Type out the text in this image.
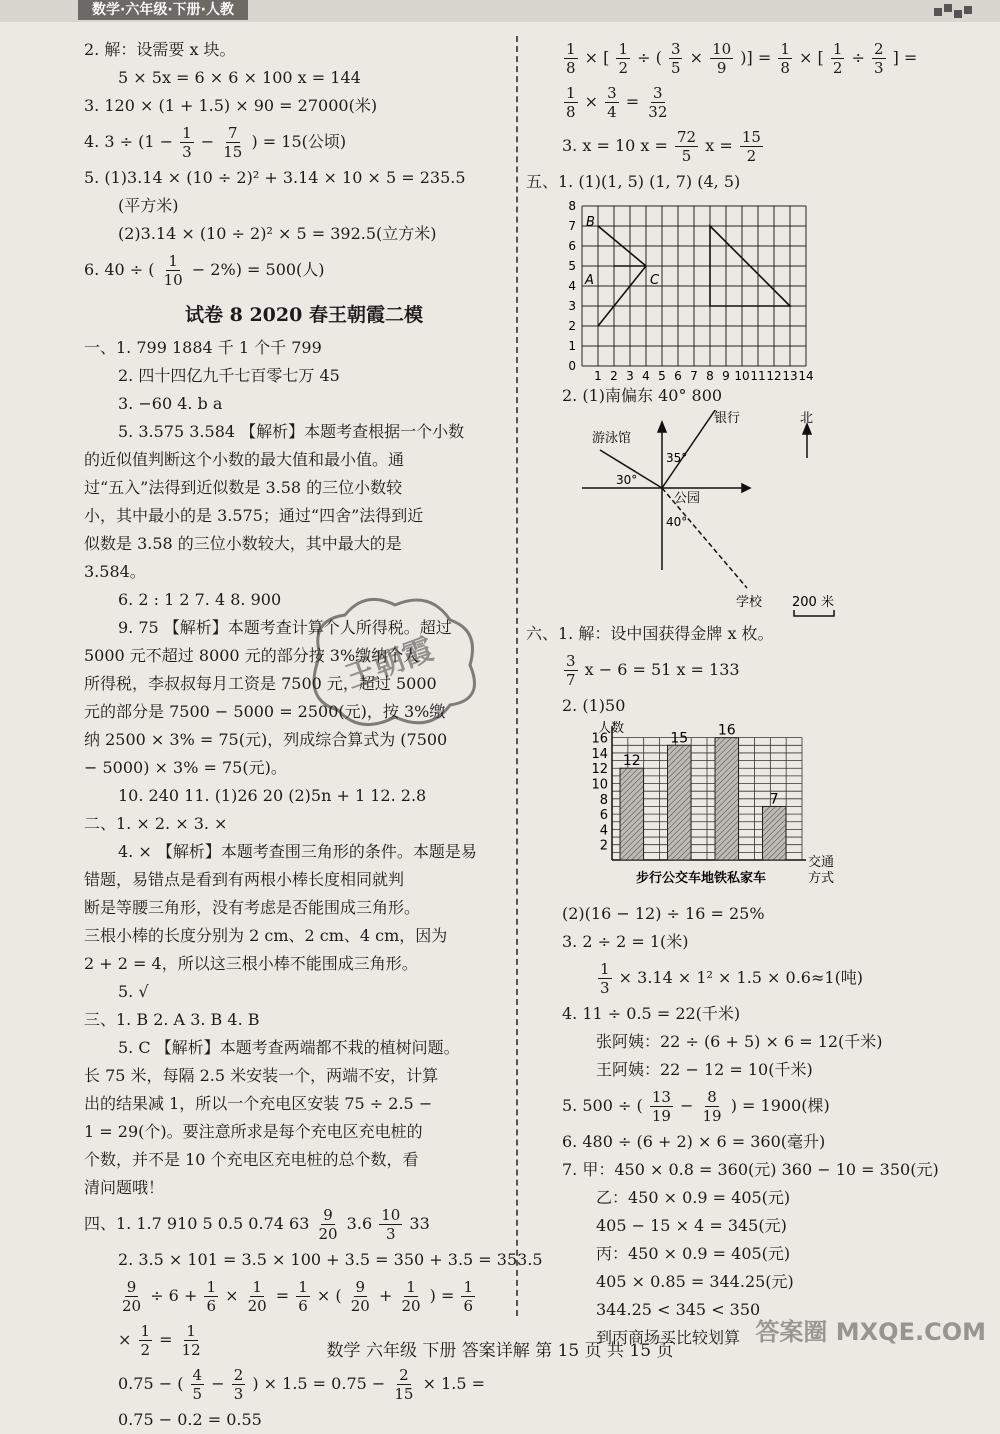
数学·六年级·下册·人教
2. 解：设需要 x 块。
5 × 5x = 6 × 6 × 100 x = 144
3. 120 × (1 + 1.5) × 90 = 27000(米)
4. $3 \div (1 - \frac{1}{3} - \frac{7}{15}$ ) = 15(公顷)
5. (1)3.14 × (10 ÷ 2)² + 3.14 × 10 × 5 = 235.5
(平方米)
(2)3.14 × (10 ÷ 2)² × 5 = 392.5(立方米)
6. 40 ÷ ( $\frac{1}{10} - 2\%) = 500$(人)
试卷 8 2020 春王朝霞二模
一、1. 799 1884 千 1 个千 799
2. 四十四亿九千七百零七万 45
3. −60 4. b a
5. 3.575 3.584 【解析】本题考查根据一个小数
的近似值判断这个小数的最大值和最小值。通
过“五入”法得到近似数是 3.58 的三位小数较
小，其中最小的是 3.575；通过“四舍”法得到近
似数是 3.58 的三位小数较大，其中最大的是
3.584。
6. 2 : 1 2 7. 4 8. 900
9. 75 【解析】本题考查计算个人所得税。超过
5000 元不超过 8000 元的部分按 3%缴纳个人
所得税，李叔叔每月工资是 7500 元，超过 5000
元的部分是 7500 − 5000 = 2500(元)，按 3%缴
纳 2500 × 3% = 75(元)，列成综合算式为 (7500
− 5000) × 3% = 75(元)。
10. 240 11. (1)26 20 (2)5n + 1 12. 2.8
二、1. × 2. × 3. ×
4. × 【解析】本题考查围三角形的条件。本题是易
错题，易错点是看到有两根小棒长度相同就判
断是等腰三角形，没有考虑是否能围成三角形。
三根小棒的长度分别为 2 cm、2 cm、4 cm，因为
2 + 2 = 4，所以这三根小棒不能围成三角形。
5. √
三、1. B 2. A 3. B 4. B
5. C 【解析】本题考查两端都不栽的植树问题。
长 75 米，每隔 2.5 米安装一个，两端不安，计算
出的结果减 1，所以一个充电区安装 75 ÷ 2.5 −
1 = 29(个)。要注意所求是每个充电区充电桩的
个数，并不是 10 个充电区充电桩的总个数，看
清问题哦！
四、1. 1.7 910 5 0.5 0.74 $63 \frac{9}{20} 3.6 \frac{10}{3} 33$
2. 3.5 × 101 = 3.5 × 100 + 3.5 = 350 + 3.5 = 353.5
$\frac{9}{20} \div 6 + \frac{1}{6} \times \frac{1}{20} = \frac{1}{6}$ × ( $\frac{9}{20} + \frac{1}{20}$ ) = $\frac{1}{6}$
× $\frac{1}{2} = \frac{1}{12}$
0.75 − ( $\frac{4}{5} - \frac{2}{3}$ ) × $1.5 = 0.75 - \frac{2}{15} \times 1.5$ =
0.75 − 0.2 = 0.55
$\frac{1}{8}$ × [ $\frac{1}{2}$ ÷ ( $\frac{3}{5} \times \frac{10}{9}$ )] = $\frac{1}{8}$ × [ $\frac{1}{2} \div \frac{2}{3}$ ] =
$\frac{1}{8} \times \frac{3}{4} = \frac{3}{32}$
3. x = 10 $x = \frac{72}{5}$ $x = \frac{15}{2}$
五、1. (1)(1, 5) (1, 7) (4, 5)
B
A	C
0
1
2
3
4
5
6
7
8
1 2 3 4 5 6 7 8 9 10 11 12 13 14
2. (1)南偏东 40° 800
银行
游泳馆
公园
学校
北
35°
30°
40°
200 米
六、1. 解：设中国获得金牌 x 枚。
$\frac{3}{7}$ x − 6 = 51 x = 133
2. (1)50
2
4
6
8
10
12
14
16
12
15 16
7
人数
步行公交车地铁私家车
交通
方式
(2)(16 − 12) ÷ 16 = 25%
3. 2 ÷ 2 = 1(米)
$\frac{1}{3} \times 3.14 \times 1^2 \times 1.5 \times 0.6\approx 1$(吨)
4. 11 ÷ 0.5 = 22(千米)
张阿姨：22 ÷ (6 + 5) × 6 = 12(千米)
王阿姨：22 − 12 = 10(千米)
5. 500 ÷ ( $\frac{13}{19} - \frac{8}{19}$ ) = 1900(棵)
6. 480 ÷ (6 + 2) × 6 = 360(毫升)
7. 甲：450 × 0.8 = 360(元) 360 − 10 = 350(元)
乙：450 × 0.9 = 405(元)
405 − 15 × 4 = 345(元)
丙：450 × 0.9 = 405(元)
405 × 0.85 = 344.25(元)
344.25 < 345 < 350
到丙商场买比较划算
王朝霞
数学 六年级 下册 答案详解 第 15 页 共 15 页
答案圈 MXQE.COM
